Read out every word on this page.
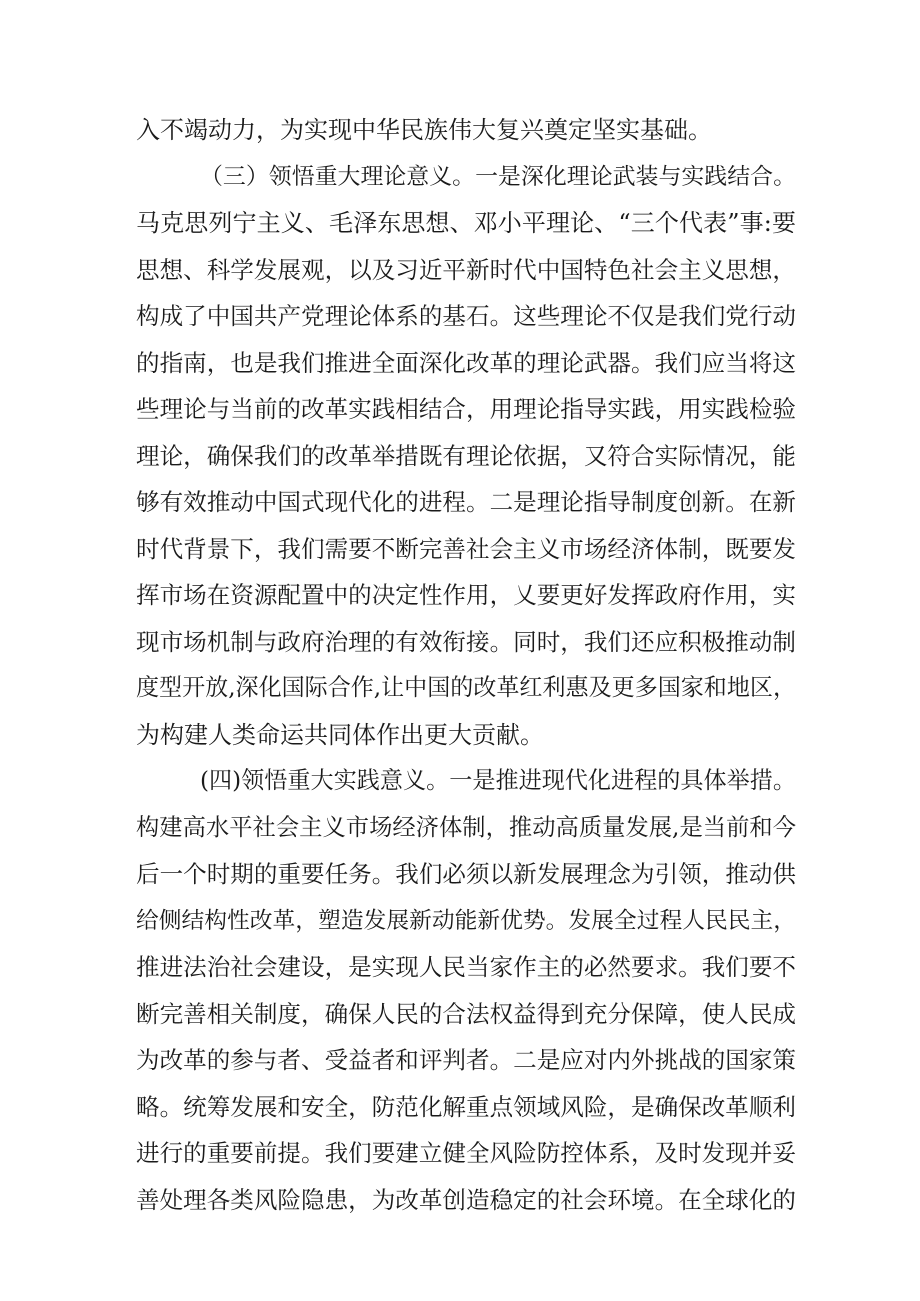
入不竭动力，为实现中华民族伟大复兴奠定坚实基础。
（三）领悟重大理论意义。一是深化理论武装与实践结合。
马克思列宁主义、毛泽东思想、邓小平理论、“三个代表”事:要
思想、科学发展观，以及习近平新时代中国特色社会主义思想，
构成了中国共产党理论体系的基石。这些理论不仅是我们党行动
的指南，也是我们推进全面深化改革的理论武器。我们应当将这
些理论与当前的改革实践相结合，用理论指导实践，用实践检验
理论，确保我们的改革举措既有理论依据，又符合实际情况，能
够有效推动中国式现代化的进程。二是理论指导制度创新。在新
时代背景下，我们需要不断完善社会主义市场经济体制，既要发
挥市场在资源配置中的决定性作用，乂要更好发挥政府作用，实
现市场机制与政府治理的有效衔接。同时，我们还应积极推动制
度型开放,深化国际合作,让中国的改革红利惠及更多国家和地区，
为构建人类命运共同体作出更大贡献。
(四)领悟重大实践意义。一是推进现代化进程的具体举措。
构建高水平社会主义市场经济体制，推动高质量发展,是当前和今
后一个时期的重要任务。我们必须以新发展理念为引领，推动供
给侧结构性改革，塑造发展新动能新优势。发展全过程人民民主，
推进法治社会建设，是实现人民当家作主的必然要求。我们要不
断完善相关制度，确保人民的合法权益得到充分保障，使人民成
为改革的参与者、受益者和评判者。二是应对内外挑战的国家策
略。统筹发展和安全，防范化解重点领域风险，是确保改革顺利
进行的重要前提。我们要建立健全风险防控体系，及时发现并妥
善处理各类风险隐患，为改革创造稳定的社会环境。在全球化的
